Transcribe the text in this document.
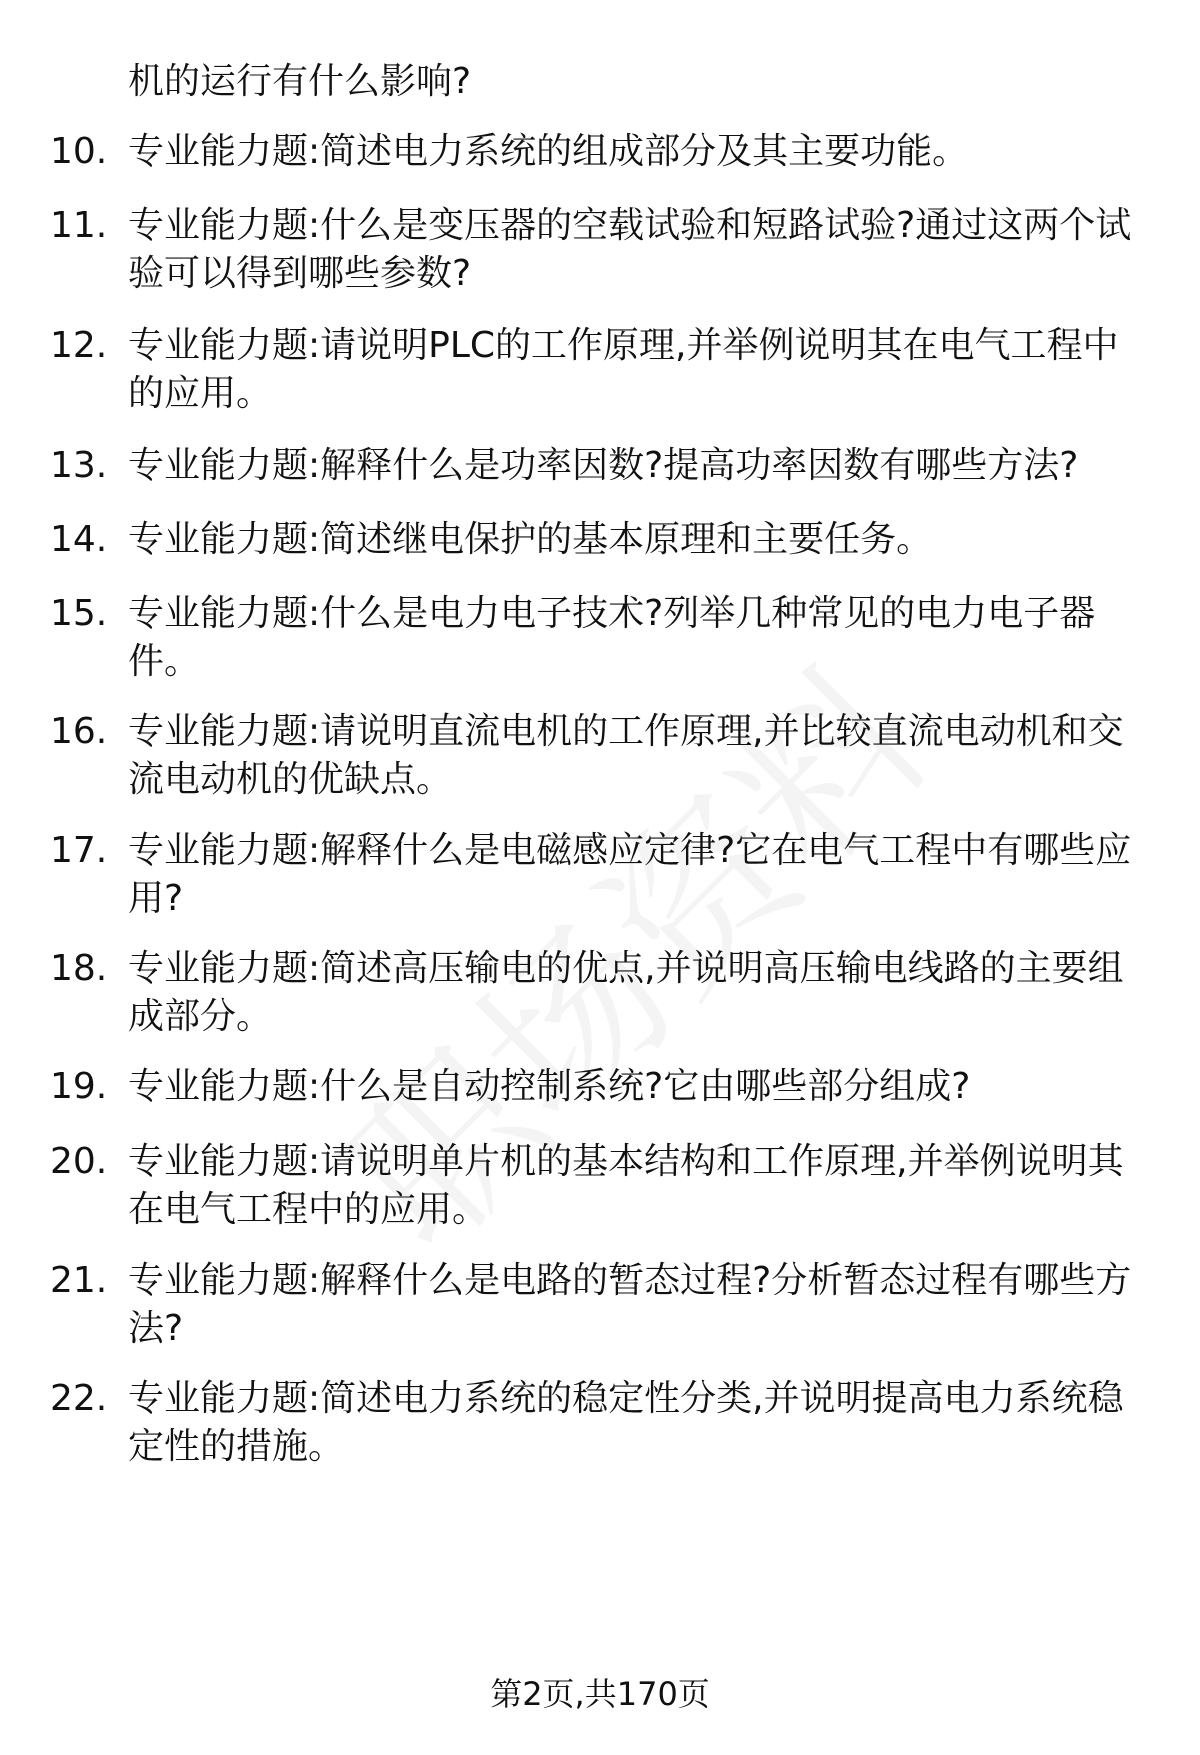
机的运行有什么影响?
10. 专业能力题:简述电力系统的组成部分及其主要功能。
11. 专业能力题:什么是变压器的空载试验和短路试验?通过这两个试验可以得到哪些参数?
12. 专业能力题:请说明PLC的工作原理,并举例说明其在电气工程中的应用。
13. 专业能力题:解释什么是功率因数?提高功率因数有哪些方法?
14. 专业能力题:简述继电保护的基本原理和主要任务。
15. 专业能力题:什么是电力电子技术?列举几种常见的电力电子器件。
16. 专业能力题:请说明直流电机的工作原理,并比较直流电动机和交流电动机的优缺点。
17. 专业能力题:解释什么是电磁感应定律?它在电气工程中有哪些应用?
18. 专业能力题:简述高压输电的优点,并说明高压输电线路的主要组成部分。
19. 专业能力题:什么是自动控制系统?它由哪些部分组成?
20. 专业能力题:请说明单片机的基本结构和工作原理,并举例说明其在电气工程中的应用。
21. 专业能力题:解释什么是电路的暂态过程?分析暂态过程有哪些方法?
22. 专业能力题:简述电力系统的稳定性分类,并说明提高电力系统稳定性的措施。
第2页,共170页
